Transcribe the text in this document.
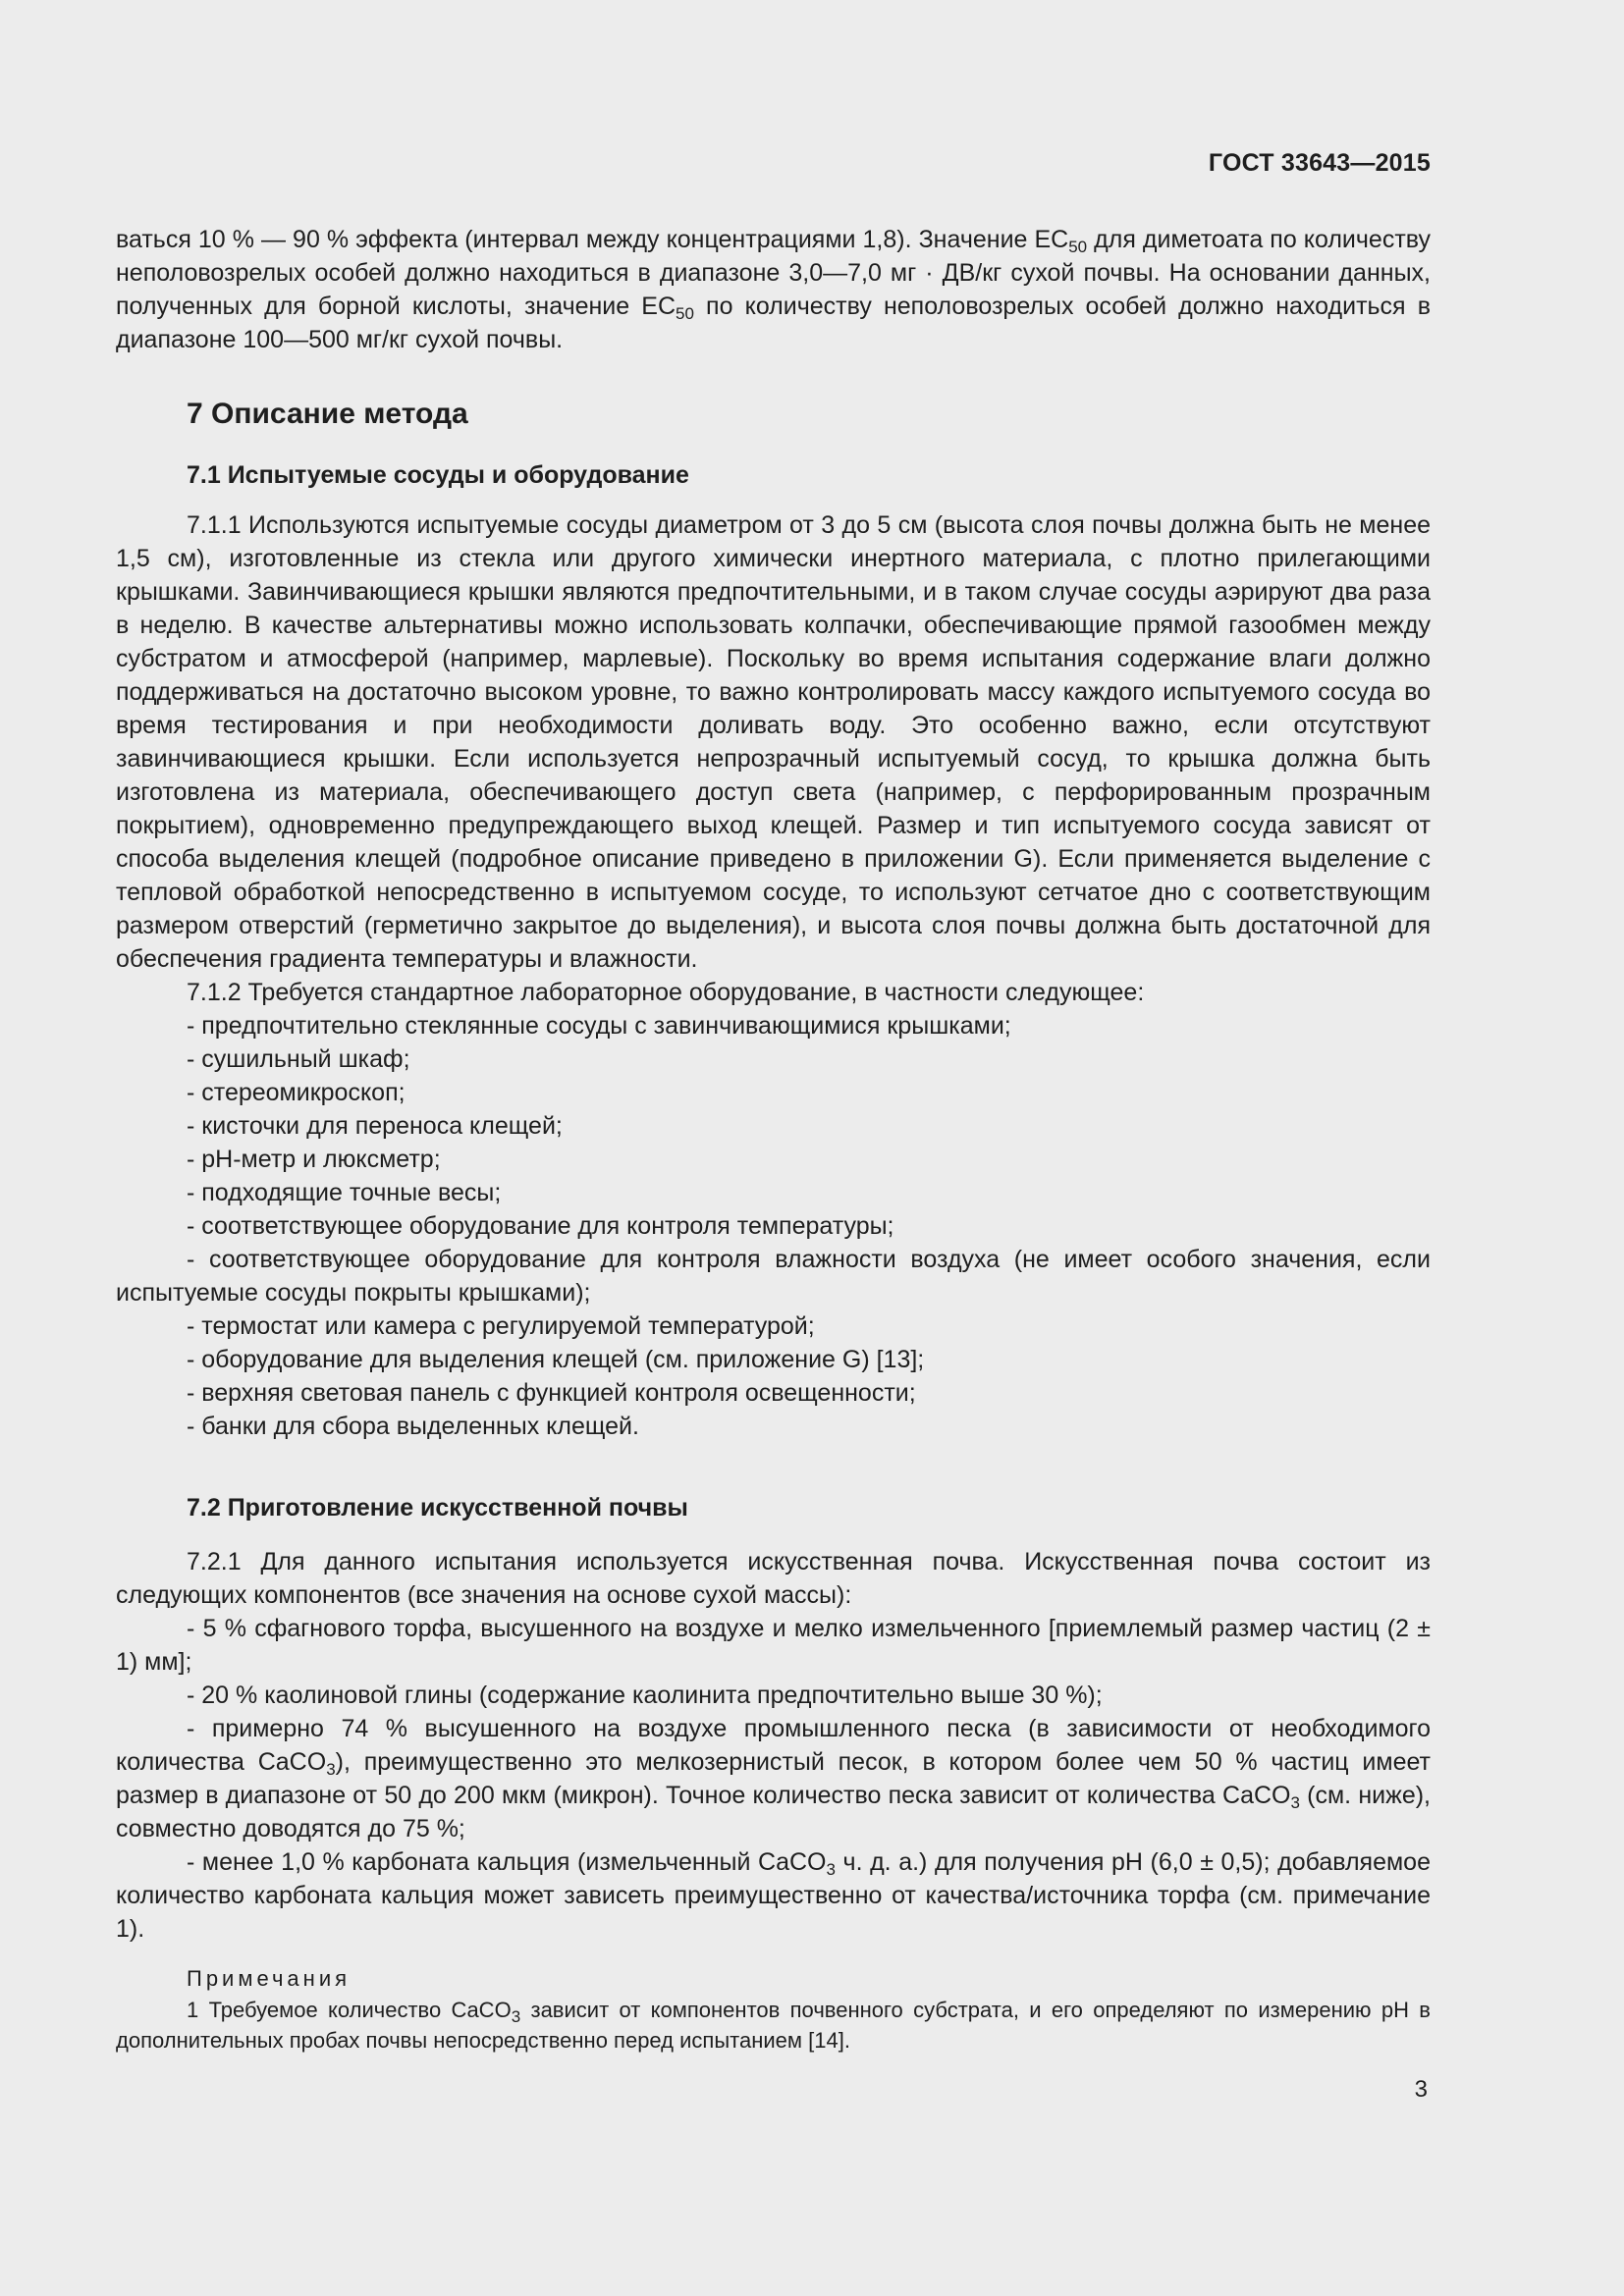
ГОСТ 33643—2015

ваться 10 % — 90 % эффекта (интервал между концентрациями 1,8). Значение $ЕС_{50}$ для диметоата по количеству неполовозрелых особей должно находиться в диапазоне 3,0—7,0 мг · ДВ/кг сухой почвы. На основании данных, полученных для борной кислоты, значение $ЕС_{50}$ по количеству неполовозрелых особей должно находиться в диапазоне 100—500 мг/кг сухой почвы.

7 Описание метода
7.1 Испытуемые сосуды и оборудование

7.1.1 Используются испытуемые сосуды диаметром от 3 до 5 см (высота слоя почвы должна быть не менее 1,5 см), изготовленные из стекла или другого химически инертного материала, с плотно прилегающими крышками. Завинчивающиеся крышки являются предпочтительными, и в таком случае сосуды аэрируют два раза в неделю. В качестве альтернативы можно использовать колпачки, обеспечивающие прямой газообмен между субстратом и атмосферой (например, марлевые). Поскольку во время испытания содержание влаги должно поддерживаться на достаточно высоком уровне, то важно контролировать массу каждого испытуемого сосуда во время тестирования и при необходимости доливать воду. Это особенно важно, если отсутствуют завинчивающиеся крышки. Если используется непрозрачный испытуемый сосуд, то крышка должна быть изготовлена из материала, обеспечивающего доступ света (например, с перфорированным прозрачным покрытием), одновременно предупреждающего выход клещей. Размер и тип испытуемого сосуда зависят от способа выделения клещей (подробное описание приведено в приложении G). Если применяется выделение с тепловой обработкой непосредственно в испытуемом сосуде, то используют сетчатое дно с соответствующим размером отверстий (герметично закрытое до выделения), и высота слоя почвы должна быть достаточной для обеспечения градиента температуры и влажности.

7.1.2 Требуется стандартное лабораторное оборудование, в частности следующее:

- предпочтительно стеклянные сосуды с завинчивающимися крышками;

- сушильный шкаф;

- стереомикроскоп;

- кисточки для переноса клещей;

- pH-метр и люксметр;

- подходящие точные весы;

- соответствующее оборудование для контроля температуры;

- соответствующее оборудование для контроля влажности воздуха (не имеет особого значения, если испытуемые сосуды покрыты крышками);

- термостат или камера с регулируемой температурой;

- оборудование для выделения клещей (см. приложение G) [13];

- верхняя световая панель с функцией контроля освещенности;

- банки для сбора выделенных клещей.

7.2 Приготовление искусственной почвы

7.2.1 Для данного испытания используется искусственная почва. Искусственная почва состоит из следующих компонентов (все значения на основе сухой массы):

- 5 % сфагнового торфа, высушенного на воздухе и мелко измельченного [приемлемый размер частиц (2 ± 1) мм];

- 20 % каолиновой глины (содержание каолинита предпочтительно выше 30 %);

- примерно 74 % высушенного на воздухе промышленного песка (в зависимости от необходимого количества CaCO$_3$), преимущественно это мелкозернистый песок, в котором более чем 50 % частиц имеет размер в диапазоне от 50 до 200 мкм (микрон). Точное количество песка зависит от количества CaCO$_3$ (см. ниже), совместно доводятся до 75 %;

- менее 1,0 % карбоната кальция (измельченный CaCO$_3$ ч. д. а.) для получения pH (6,0 ± 0,5); добавляемое количество карбоната кальция может зависеть преимущественно от качества/источника торфа (см. примечание 1).

Примечания

1 Требуемое количество CaCO$_3$ зависит от компонентов почвенного субстрата, и его определяют по измерению pH в дополнительных пробах почвы непосредственно перед испытанием [14].

3
